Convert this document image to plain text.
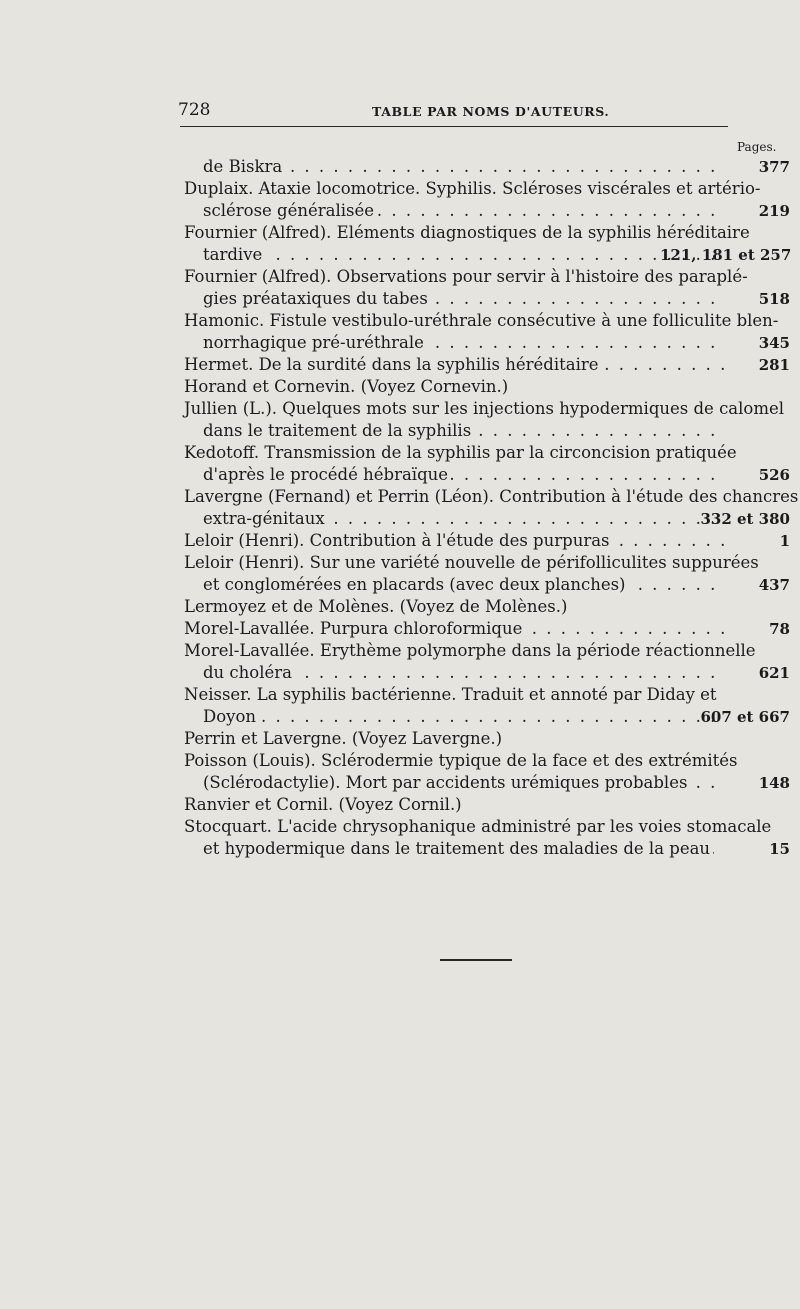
728	TABLE PAR NOMS D'AUTEURS.
Pages.
de Biskra	377
. . .
Duplaix. Ataxie locomotrice. Syphilis. Scléroses viscérales et artério-
sclérose généralisée	219
. . .
Fournier (Alfred). Eléments diagnostiques de la syphilis héréditaire
tardive	121, 181 et 257
. . .
Fournier (Alfred). Observations pour servir à l'histoire des paraplé-
gies préataxiques du tabes	518
. . .
Hamonic. Fistule vestibulo-uréthrale consécutive à une folliculite blen-
norrhagique pré-uréthrale	345
. . .
Hermet. De la surdité dans la syphilis héréditaire	281
. . .
Horand et Cornevin. (Voyez Cornevin.)
Jullien (L.). Quelques mots sur les injections hypodermiques de calomel
dans le traitement de la syphilis . . .
Kedotoff. Transmission de la syphilis par la circoncision pratiquée
d'après le procédé hébraïque	526
. . .
Lavergne (Fernand) et Perrin (Léon). Contribution à l'étude des chancres
extra-génitaux	332 et 380
. . .
Leloir (Henri). Contribution à l'étude des purpuras	1
. . .
Leloir (Henri). Sur une variété nouvelle de périfolliculites suppurées
et conglomérées en placards (avec deux planches)	437
. . .
Lermoyez et de Molènes. (Voyez de Molènes.)
Morel-Lavallée. Purpura chloroformique	78
. . .
Morel-Lavallée. Erythème polymorphe dans la période réactionnelle
du choléra	621
. . .
Neisser. La syphilis bactérienne. Traduit et annoté par Diday et
Doyon	607 et 667
. . .
Perrin et Lavergne. (Voyez Lavergne.)
Poisson (Louis). Sclérodermie typique de la face et des extrémités
(Sclérodactylie). Mort par accidents urémiques probables	148
. . .
Ranvier et Cornil. (Voyez Cornil.)
Stocquart. L'acide chrysophanique administré par les voies stomacale
et hypodermique dans le traitement des maladies de la peau	15
. . .
